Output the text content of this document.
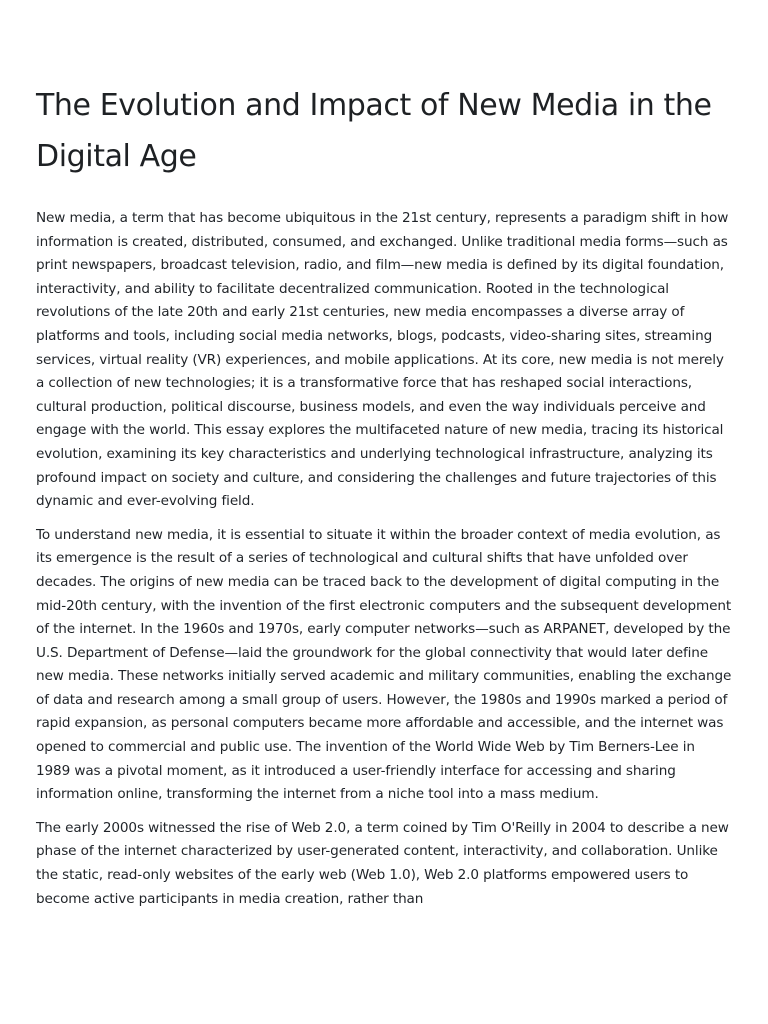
The Evolution and Impact of New Media in the Digital Age

New media, a term that has become ubiquitous in the 21st century, represents a paradigm shift in how information is created, distributed, consumed, and exchanged. Unlike traditional media forms—such as print newspapers, broadcast television, radio, and film—new media is defined by its digital foundation, interactivity, and ability to facilitate decentralized communication. Rooted in the technological revolutions of the late 20th and early 21st centuries, new media encompasses a diverse array of platforms and tools, including social media networks, blogs, podcasts, video-sharing sites, streaming services, virtual reality (VR) experiences, and mobile applications. At its core, new media is not merely a collection of new technologies; it is a transformative force that has reshaped social interactions, cultural production, political discourse, business models, and even the way individuals perceive and engage with the world. This essay explores the multifaceted nature of new media, tracing its historical evolution, examining its key characteristics and underlying technological infrastructure, analyzing its profound impact on society and culture, and considering the challenges and future trajectories of this dynamic and ever-evolving field.

To understand new media, it is essential to situate it within the broader context of media evolution, as its emergence is the result of a series of technological and cultural shifts that have unfolded over decades. The origins of new media can be traced back to the development of digital computing in the mid-20th century, with the invention of the first electronic computers and the subsequent development of the internet. In the 1960s and 1970s, early computer networks—such as ARPANET, developed by the U.S. Department of Defense—laid the groundwork for the global connectivity that would later define new media. These networks initially served academic and military communities, enabling the exchange of data and research among a small group of users. However, the 1980s and 1990s marked a period of rapid expansion, as personal computers became more affordable and accessible, and the internet was opened to commercial and public use. The invention of the World Wide Web by Tim Berners-Lee in 1989 was a pivotal moment, as it introduced a user-friendly interface for accessing and sharing information online, transforming the internet from a niche tool into a mass medium.

The early 2000s witnessed the rise of Web 2.0, a term coined by Tim O'Reilly in 2004 to describe a new phase of the internet characterized by user-generated content, interactivity, and collaboration. Unlike the static, read-only websites of the early web (Web 1.0), Web 2.0 platforms empowered users to become active participants in media creation, rather than
